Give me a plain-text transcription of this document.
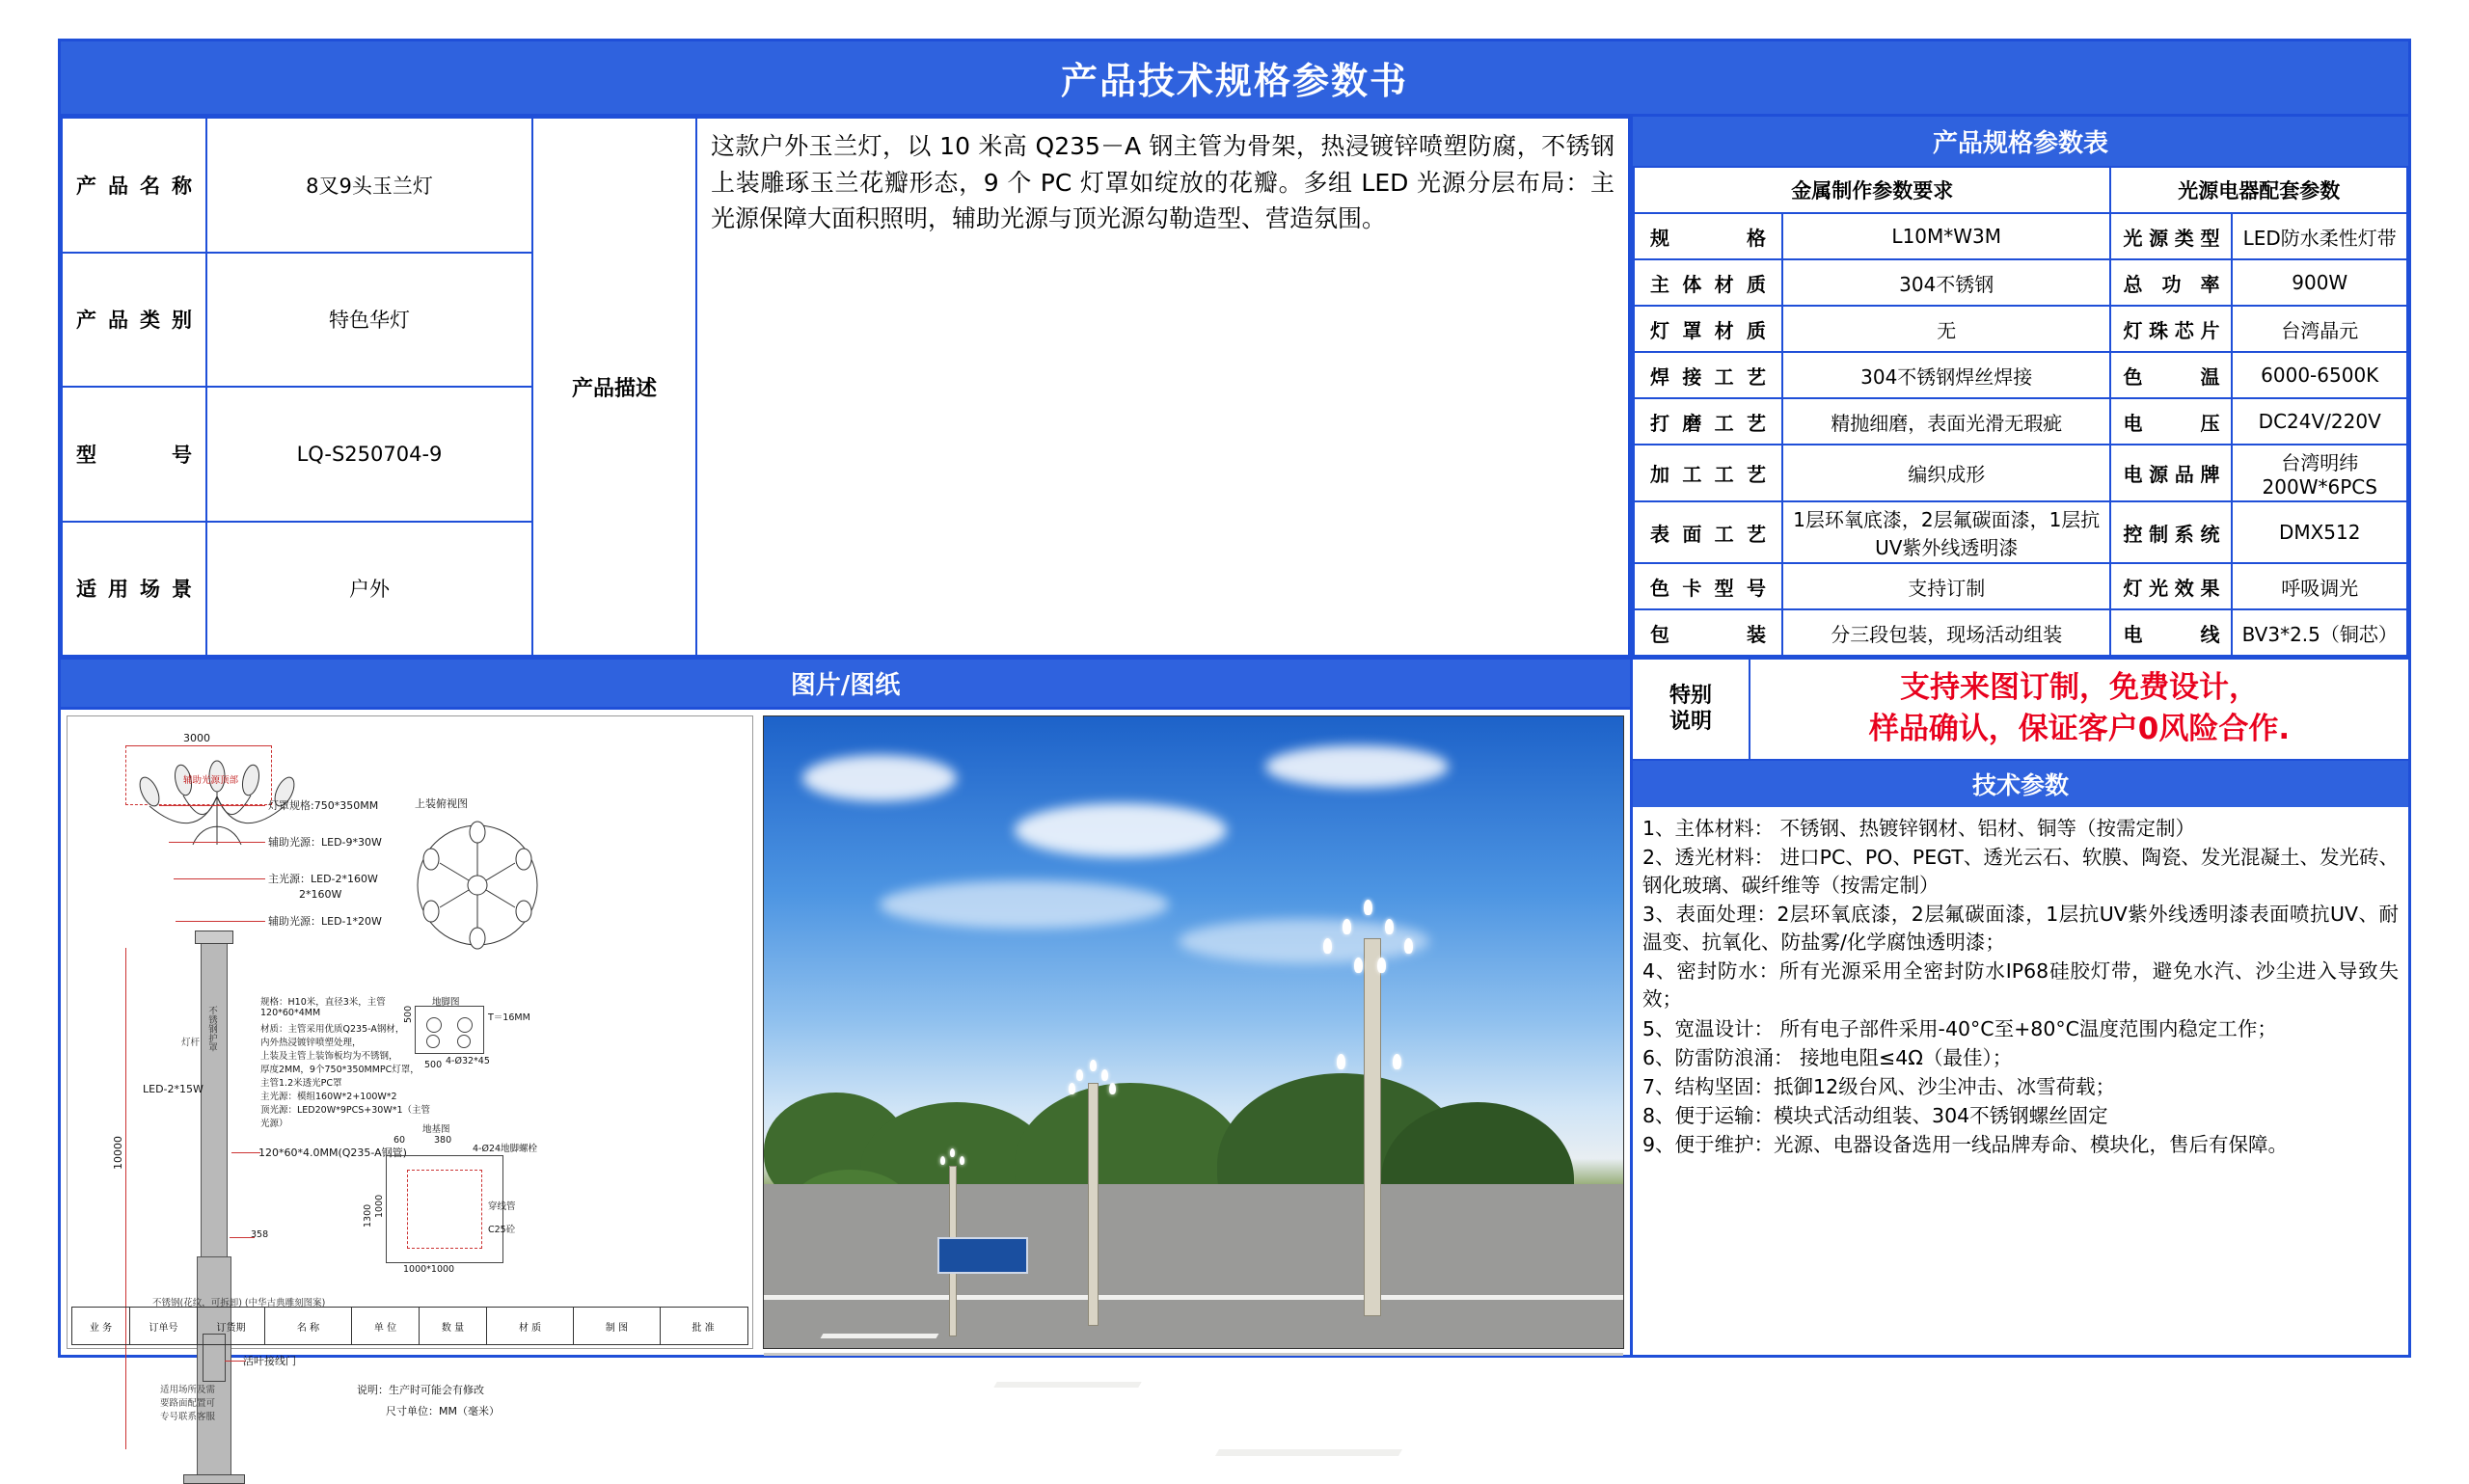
产品技术规格参数书
产品名称	8叉9头玉兰灯
产品类别	特色华灯
型 号	LQ-S250704-9
适用场景	户外
产品描述
这款户外玉兰灯，以 10 米高 Q235－A 钢主管为骨架，热浸镀锌喷塑防腐，不锈钢上装雕琢玉兰花瓣形态，9 个 PC 灯罩如绽放的花瓣。多组 LED 光源分层布局：主光源保障大面积照明，辅助光源与顶光源勾勒造型、营造氛围。
产品规格参数表
金属制作参数要求		光源电器配套参数	
规 格	L10M*W3M	光源类型	LED防水柔性灯带
主体材质	304不锈钢	总 功 率	900W
灯罩材质	无	灯珠芯片	台湾晶元
焊接工艺	304不锈钢焊丝焊接	色 温	6000-6500K
打磨工艺	精抛细磨，表面光滑无瑕疵	电 压	DC24V/220V
加工工艺	编织成形	电源品牌	台湾明纬200W*6PCS
表面工艺	1层环氧底漆，2层氟碳面漆，1层抗UV紫外线透明漆	控制系统	DMX512
色卡型号	支持订制	灯光效果	呼吸调光
包 装	分三段包装，现场活动组装	电 线	BV3*2.5（铜芯）
图片/图纸
3000
辅助光源顶部
灯罩规格:750*350MM	上装俯视图
辅助光源：LED-9*30W
主光源：LED-2*160W
2*160W
辅助光源：LED-1*20W
10000
不锈钢护罩
灯杆
LED-2*15W
规格：H10米，直径3米，主管
120*60*4MM
材质：主管采用优质Q235-A钢材，
内外热浸镀锌喷塑处理，
上装及主管上装饰板均为不锈钢，
厚度2MM，9个750*350MMPC灯罩，
主管1.2米透光PC罩
主光源：模组160W*2+100W*2
顶光源：LED20W*9PCS+30W*1（主管
光源）
地脚图
T＝16MM
4-Ø32*45
500
500
120*60*4.0MM(Q235-A钢管)
地基图
380
60
4-Ø24地脚螺栓
1000
1300	穿线管
C25砼
1000*1000
358
不锈钢(花纹，可拆卸) (中华古典雕刻图案)
活叶接线门
适用场所及需
要路面配置可
专号联系客服
说明：生产时可能会有修改
尺寸单位：MM（毫米）
业 务	订单号	订货期	名 称	单 位	数 量	材 质	制 图	批 准
特别
说明
支持来图订制，免费设计，
样品确认，保证客户0风险合作.
技术参数
1、主体材料： 不锈钢、热镀锌钢材、铝材、铜等（按需定制）
2、透光材料： 进口PC、PO、PEGT、透光云石、软膜、陶瓷、发光混凝土、发光砖、钢化玻璃、碳纤维等（按需定制）
3、表面处理：2层环氧底漆，2层氟碳面漆，1层抗UV紫外线透明漆表面喷抗UV、耐温变、抗氧化、防盐雾/化学腐蚀透明漆；
4、密封防水：所有光源采用全密封防水IP68硅胶灯带，避免水汽、沙尘进入导致失效；
5、宽温设计： 所有电子部件采用-40°C至+80°C温度范围内稳定工作；
6、防雷防浪涌： 接地电阻≤4Ω（最佳）；
7、结构坚固：抵御12级台风、沙尘冲击、冰雪荷载；
8、便于运输：模块式活动组装、304不锈钢螺丝固定
9、便于维护：光源、电器设备选用一线品牌寿命、模块化，售后有保障。
